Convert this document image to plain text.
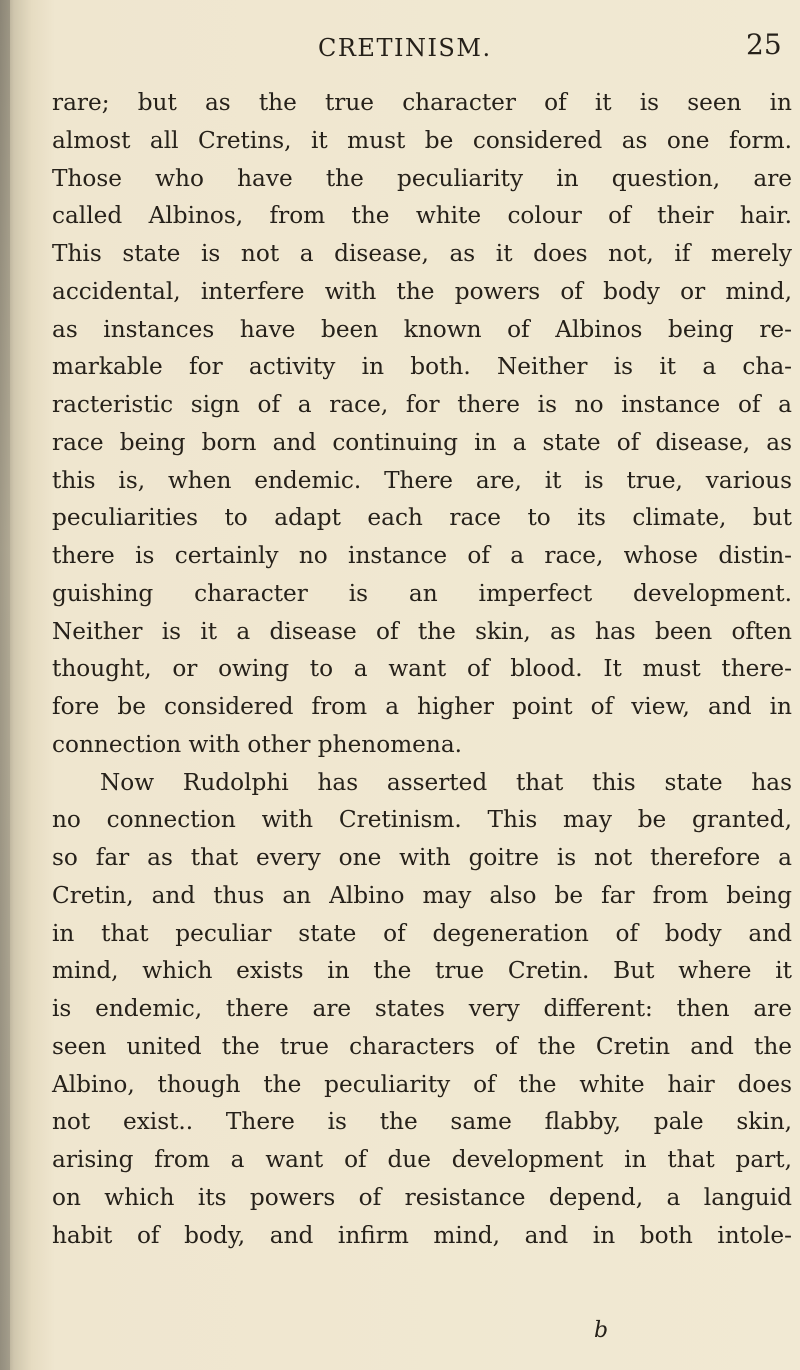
CRETINISM.	25
rare; but as the true character of it is seen in
almost all Cretins, it must be considered as one form.
Those who have the peculiarity in question, are
called Albinos, from the white colour of their hair.
This state is not a disease, as it does not, if merely
accidental, interfere with the powers of body or mind,
as instances have been known of Albinos being re-
markable for activity in both. Neither is it a cha-
racteristic sign of a race, for there is no instance of a
race being born and continuing in a state of disease, as
this is, when endemic. There are, it is true, various
peculiarities to adapt each race to its climate, but
there is certainly no instance of a race, whose distin-
guishing character is an imperfect development.
Neither is it a disease of the skin, as has been often
thought, or owing to a want of blood. It must there-
fore be considered from a higher point of view, and in
connection with other phenomena.
Now Rudolphi has asserted that this state has
no connection with Cretinism. This may be granted,
so far as that every one with goitre is not therefore a
Cretin, and thus an Albino may also be far from being
in that peculiar state of degeneration of body and
mind, which exists in the true Cretin. But where it
is endemic, there are states very different: then are
seen united the true characters of the Cretin and the
Albino, though the peculiarity of the white hair does
not exist.. There is the same flabby, pale skin,
arising from a want of due development in that part,
on which its powers of resistance depend, a languid
habit of body, and infirm mind, and in both intole-
b
